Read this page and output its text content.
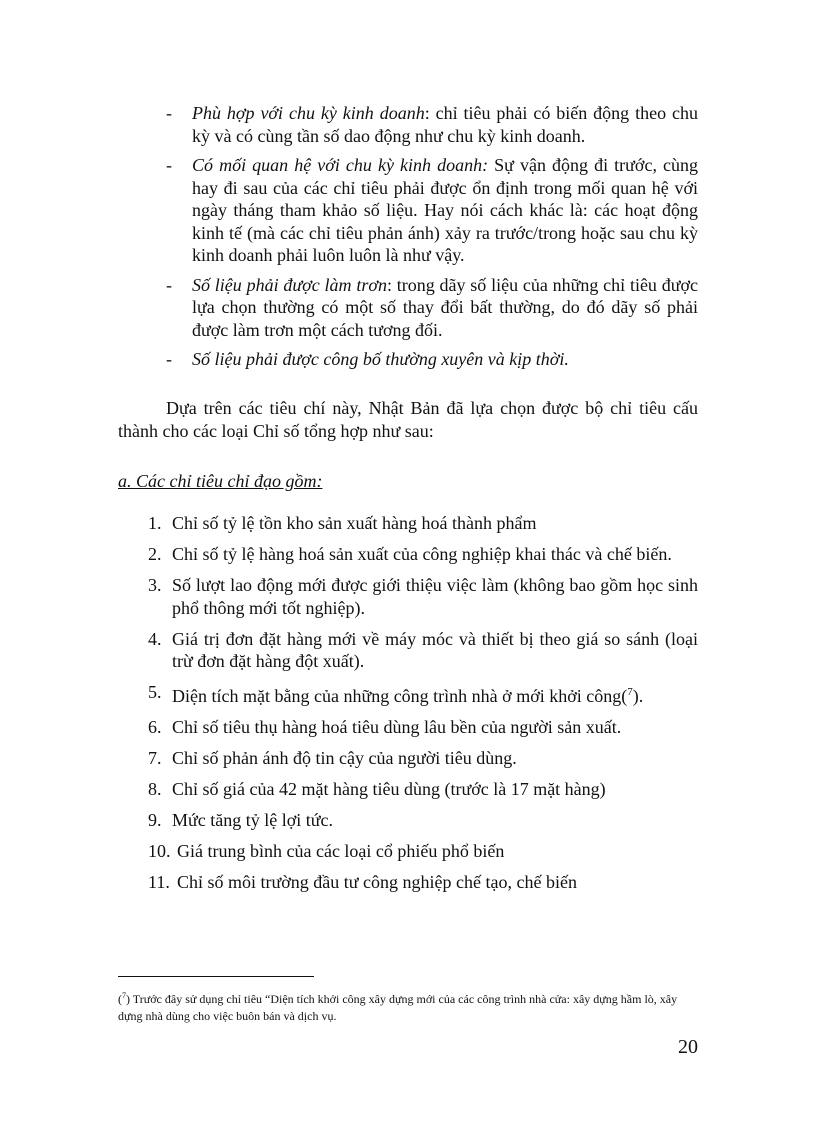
- Phù hợp với chu kỳ kinh doanh: chỉ tiêu phải có biến động theo chu kỳ và có cùng tần số dao động như chu kỳ kinh doanh.
- Có mối quan hệ với chu kỳ kinh doanh: Sự vận động đi trước, cùng hay đi sau của các chỉ tiêu phải được ổn định trong mối quan hệ với ngày tháng tham khảo số liệu. Hay nói cách khác là: các hoạt động kinh tế (mà các chỉ tiêu phản ánh) xảy ra trước/trong hoặc sau chu kỳ kinh doanh phải luôn luôn là như vậy.
- Số liệu phải được làm trơn: trong dãy số liệu của những chỉ tiêu được lựa chọn thường có một số thay đổi bất thường, do đó dãy số phải được làm trơn một cách tương đối.
- Số liệu phải được công bố thường xuyên và kịp thời.

Dựa trên các tiêu chí này, Nhật Bản đã lựa chọn được bộ chỉ tiêu cấu thành cho các loại Chỉ số tổng hợp như sau:

a. Các chỉ tiêu chỉ đạo gồm:

1. Chỉ số tỷ lệ tồn kho sản xuất hàng hoá thành phẩm
2. Chỉ số tỷ lệ hàng hoá sản xuất của công nghiệp khai thác và chế biến.
3. Số lượt lao động mới được giới thiệu việc làm (không bao gồm học sinh phổ thông mới tốt nghiệp).
4. Giá trị đơn đặt hàng mới về máy móc và thiết bị theo giá so sánh (loại trừ đơn đặt hàng đột xuất).
5. Diện tích mặt bằng của những công trình nhà ở mới khởi công($^7$).
6. Chỉ số tiêu thụ hàng hoá tiêu dùng lâu bền của người sản xuất.
7. Chỉ số phản ánh độ tin cậy của người tiêu dùng.
8. Chỉ số giá của 42 mặt hàng tiêu dùng (trước là 17 mặt hàng)
9. Mức tăng tỷ lệ lợi tức.
10. Giá trung bình của các loại cổ phiếu phổ biến
11. Chỉ số môi trường đầu tư công nghiệp chế tạo, chế biến

($^7$) Trước đây sử dụng chỉ tiêu “Diện tích khởi công xây dựng mới của các công trình nhà cửa: xây dựng hầm lò, xây dựng nhà dùng cho việc buôn bán và dịch vụ.

20
